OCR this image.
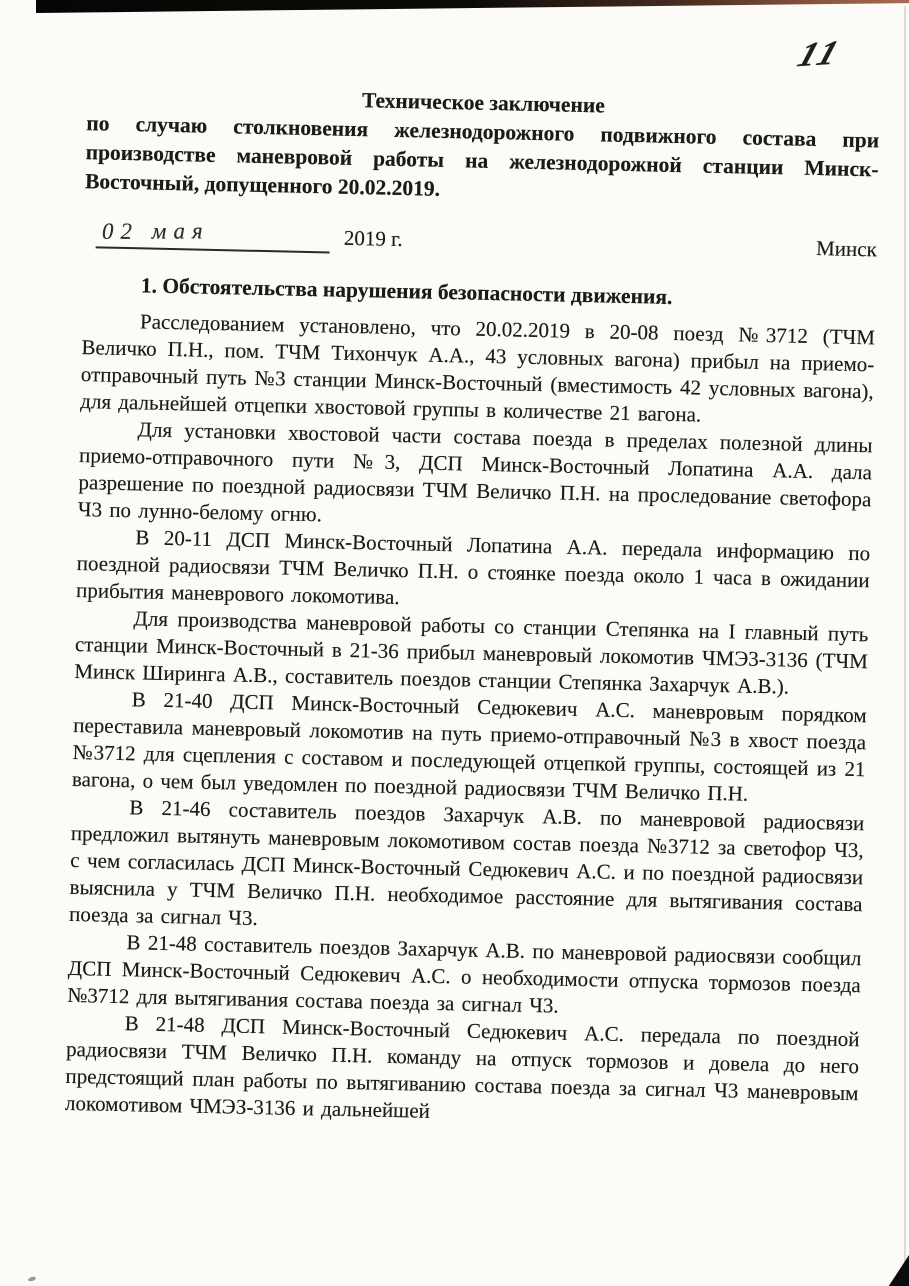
11
Техническое заключение
по случаю столкновения железнодорожного подвижного состава при производстве маневровой работы на железнодорожной станции Минск-Восточный, допущенного 20.02.2019.
02 мая	2019 г.	Минск
1. Обстоятельства нарушения безопасности движения.

Расследованием установлено, что 20.02.2019 в 20-08 поезд №3712 (ТЧМ Величко П.Н., пом. ТЧМ Тихончук А.А., 43 условных вагона) прибыл на приемо-отправочный путь №3 станции Минск-Восточный (вместимость 42 условных вагона), для дальнейшей отцепки хвостовой группы в количестве 21 вагона.

Для установки хвостовой части состава поезда в пределах полезной длины приемо-отправочного пути №3, ДСП Минск-Восточный Лопатина А.А. дала разрешение по поездной радиосвязи ТЧМ Величко П.Н. на проследование светофора Ч3 по лунно-белому огню.

В 20-11 ДСП Минск-Восточный Лопатина А.А. передала информацию по поездной радиосвязи ТЧМ Величко П.Н. о стоянке поезда около 1 часа в ожидании прибытия маневрового локомотива.

Для производства маневровой работы со станции Степянка на I главный путь станции Минск-Восточный в 21-36 прибыл маневровый локомотив ЧМЭ3-3136 (ТЧМ Минск Ширинга А.В., составитель поездов станции Степянка Захарчук А.В.).

В 21-40 ДСП Минск-Восточный Седюкевич А.С. маневровым порядком переставила маневровый локомотив на путь приемо-отправочный №3 в хвост поезда №3712 для сцепления с составом и последующей отцепкой группы, состоящей из 21 вагона, о чем был уведомлен по поездной радиосвязи ТЧМ Величко П.Н.

В 21-46 составитель поездов Захарчук А.В. по маневровой радиосвязи предложил вытянуть маневровым локомотивом состав поезда №3712 за светофор Ч3, с чем согласилась ДСП Минск-Восточный Седюкевич А.С. и по поездной радиосвязи выяснила у ТЧМ Величко П.Н. необходимое расстояние для вытягивания состава поезда за сигнал Ч3.

В 21-48 составитель поездов Захарчук А.В. по маневровой радиосвязи сообщил ДСП Минск-Восточный Седюкевич А.С. о необходимости отпуска тормозов поезда №3712 для вытягивания состава поезда за сигнал Ч3.

В 21-48 ДСП Минск-Восточный Седюкевич А.С. передала по поездной радиосвязи ТЧМ Величко П.Н. команду на отпуск тормозов и довела до него предстоящий план работы по вытягиванию состава поезда за сигнал Ч3 маневровым локомотивом ЧМЭЗ-3136 и дальнейшей
